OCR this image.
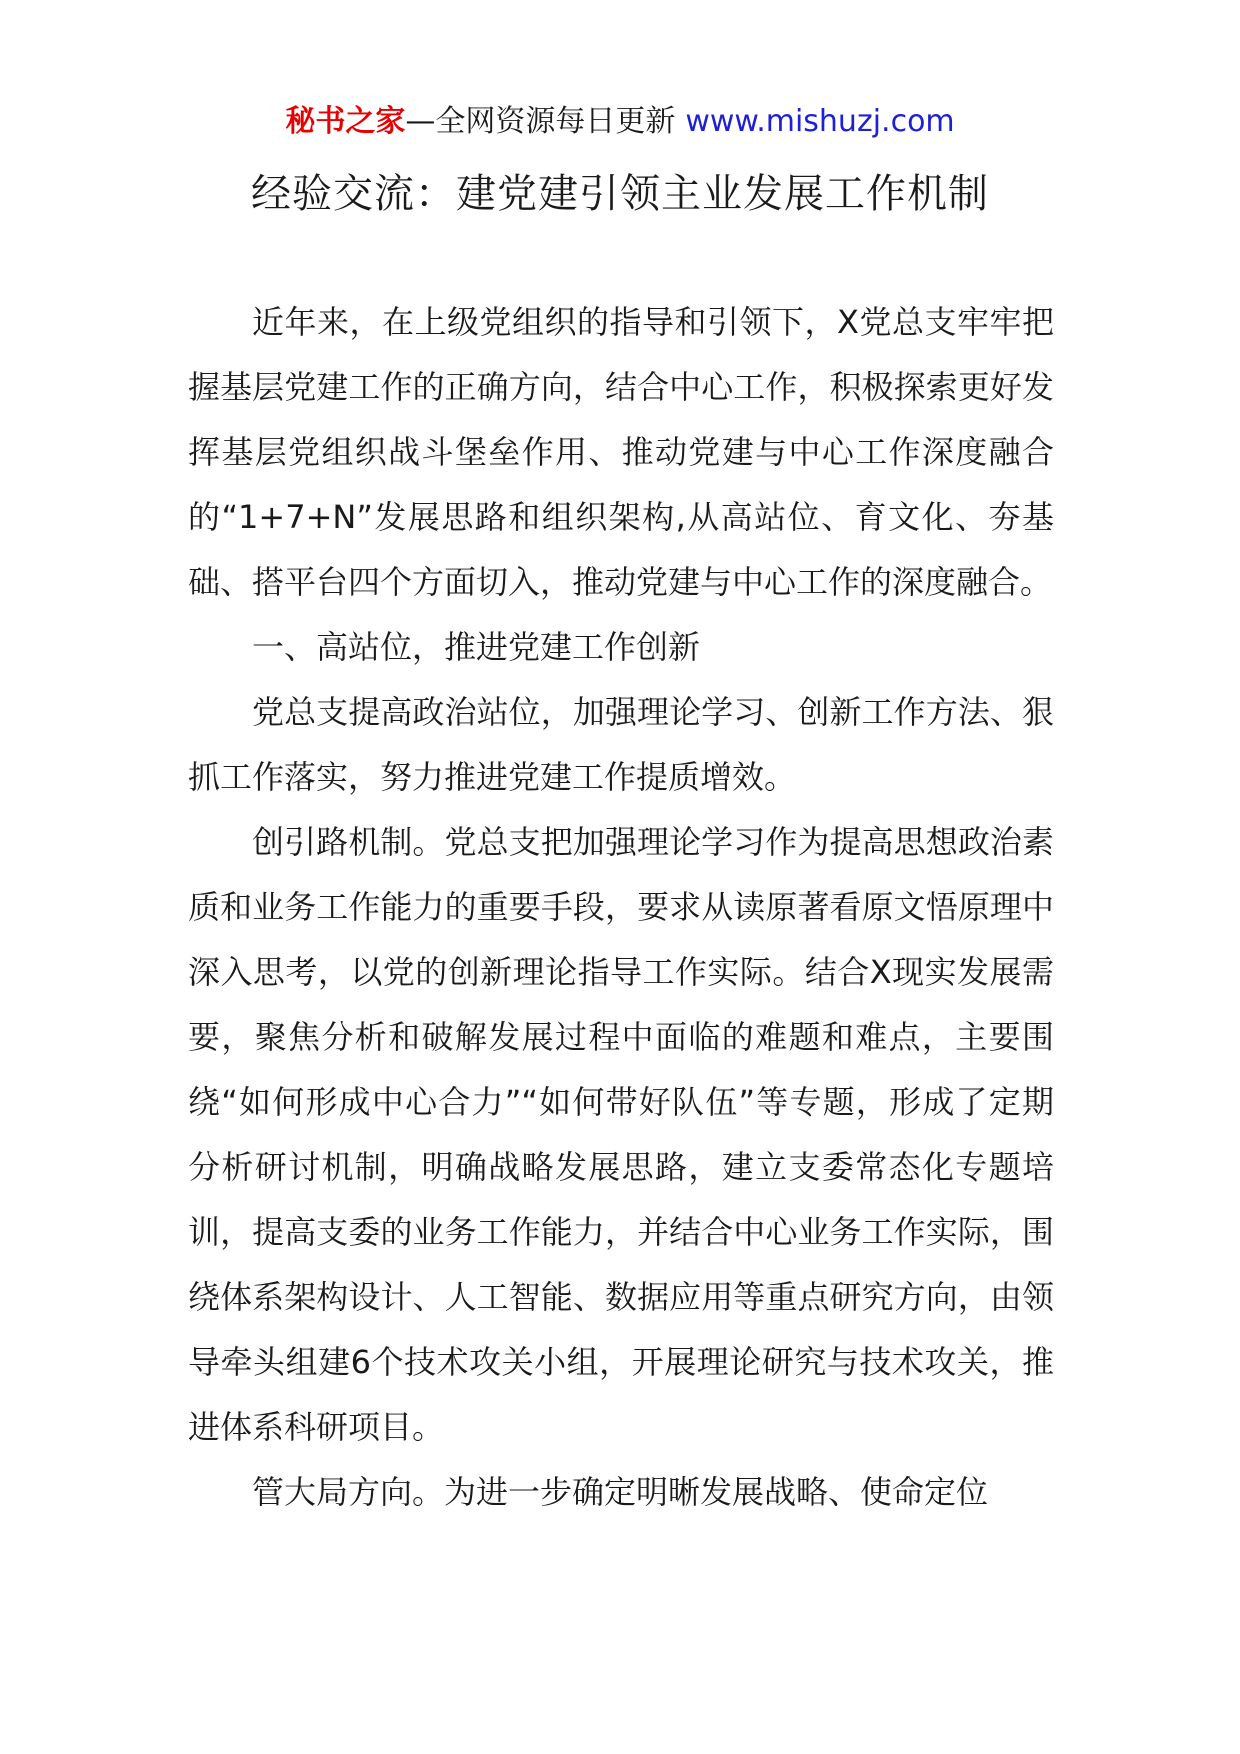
秘书之家—全网资源每日更新 www.mishuzj.com
经验交流：建党建引领主业发展工作机制

近年来，在上级党组织的指导和引领下，X党总支牢牢把握基层党建工作的正确方向，结合中心工作，积极探索更好发挥基层党组织战斗堡垒作用、推动党建与中心工作深度融合的“1+7+N”发展思路和组织架构,从高站位、育文化、夯基础、搭平台四个方面切入，推动党建与中心工作的深度融合。

一、高站位，推进党建工作创新

党总支提高政治站位，加强理论学习、创新工作方法、狠抓工作落实，努力推进党建工作提质增效。

创引路机制。党总支把加强理论学习作为提高思想政治素质和业务工作能力的重要手段，要求从读原著看原文悟原理中深入思考，以党的创新理论指导工作实际。结合X现实发展需要，聚焦分析和破解发展过程中面临的难题和难点，主要围绕“如何形成中心合力”“如何带好队伍”等专题，形成了定期分析研讨机制，明确战略发展思路，建立支委常态化专题培训，提高支委的业务工作能力，并结合中心业务工作实际，围绕体系架构设计、人工智能、数据应用等重点研究方向，由领导牵头组建6个技术攻关小组，开展理论研究与技术攻关，推进体系科研项目。

管大局方向。为进一步确定明晰发展战略、使命定位
